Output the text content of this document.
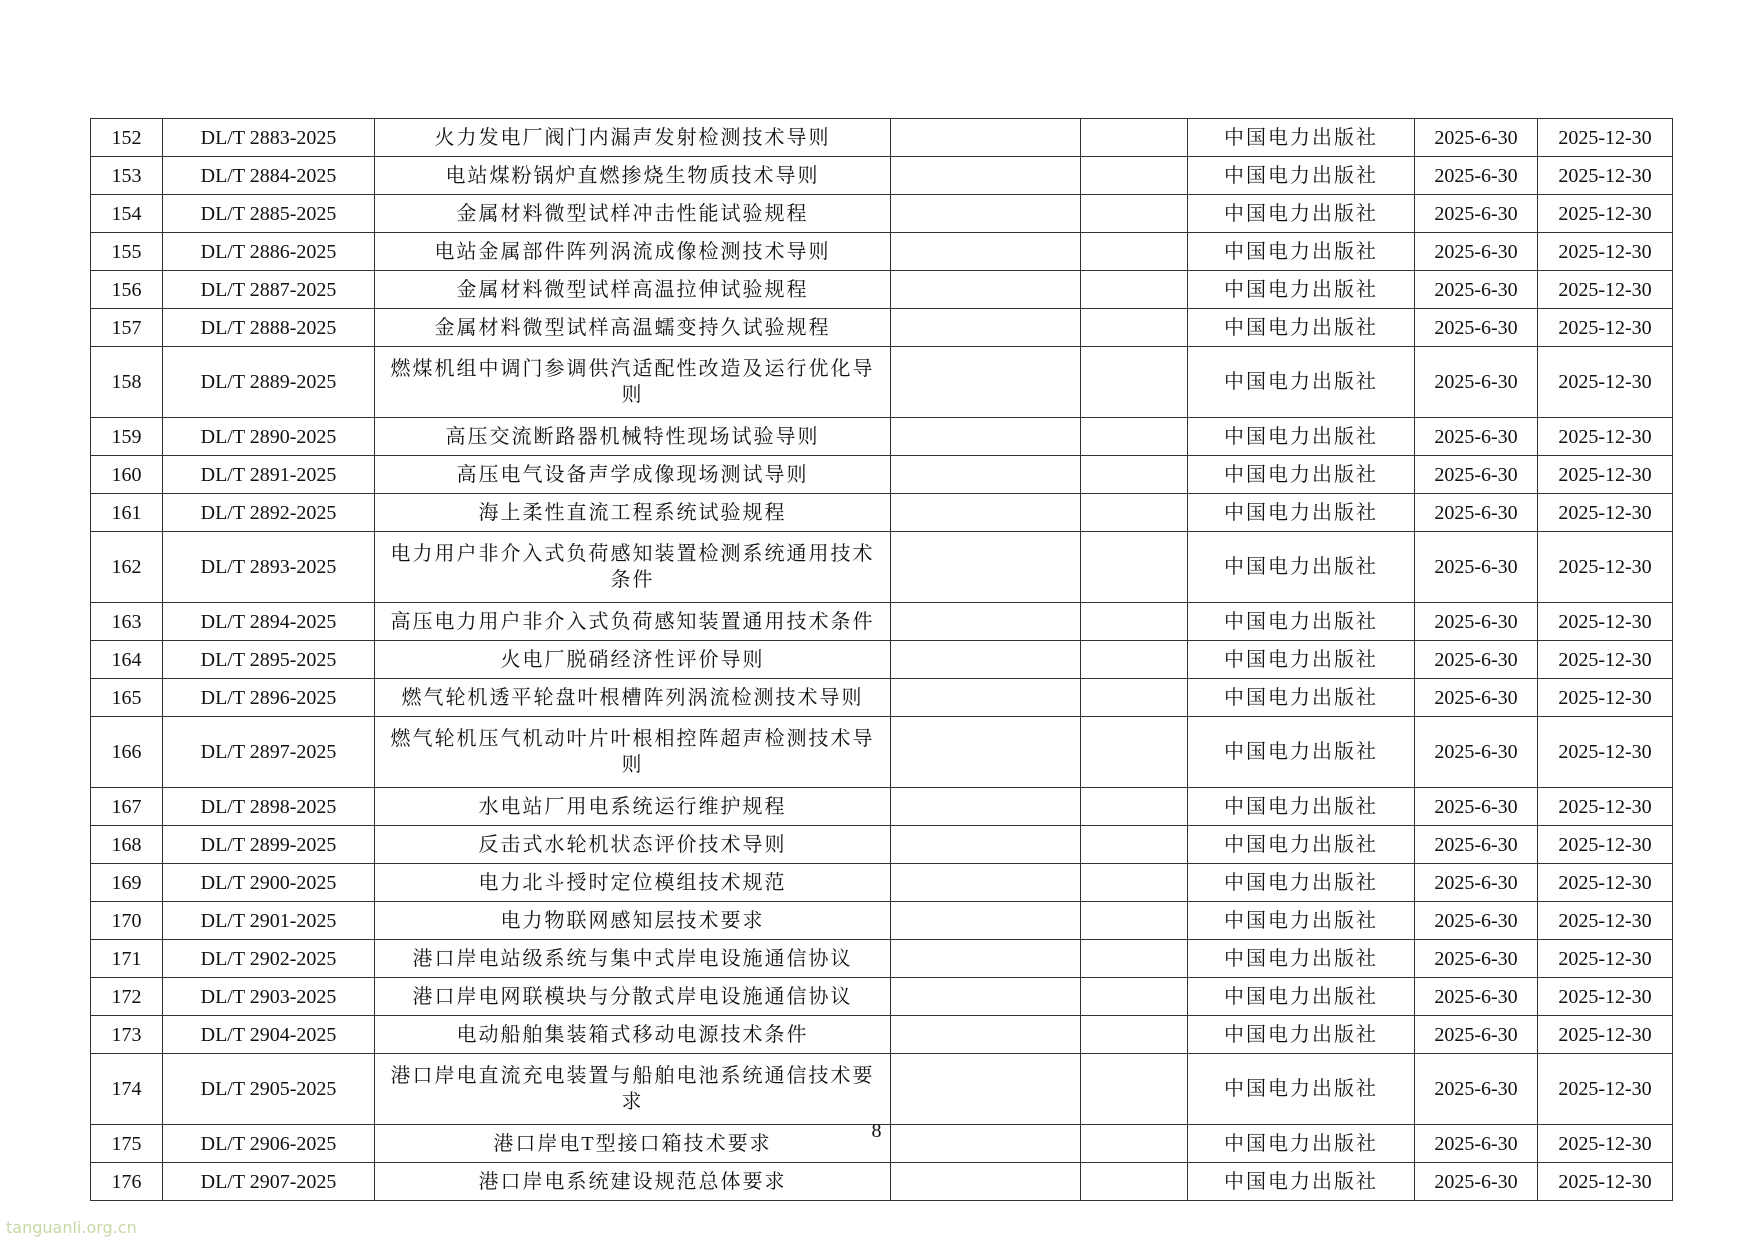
152	DL/T 2883-2025	火力发电厂阀门内漏声发射检测技术导则			中国电力出版社	2025-6-30	2025-12-30
153	DL/T 2884-2025	电站煤粉锅炉直燃掺烧生物质技术导则			中国电力出版社	2025-6-30	2025-12-30
154	DL/T 2885-2025	金属材料微型试样冲击性能试验规程			中国电力出版社	2025-6-30	2025-12-30
155	DL/T 2886-2025	电站金属部件阵列涡流成像检测技术导则			中国电力出版社	2025-6-30	2025-12-30
156	DL/T 2887-2025	金属材料微型试样高温拉伸试验规程			中国电力出版社	2025-6-30	2025-12-30
157	DL/T 2888-2025	金属材料微型试样高温蠕变持久试验规程			中国电力出版社	2025-6-30	2025-12-30
158	DL/T 2889-2025	燃煤机组中调门参调供汽适配性改造及运行优化导则			中国电力出版社	2025-6-30	2025-12-30
159	DL/T 2890-2025	高压交流断路器机械特性现场试验导则			中国电力出版社	2025-6-30	2025-12-30
160	DL/T 2891-2025	高压电气设备声学成像现场测试导则			中国电力出版社	2025-6-30	2025-12-30
161	DL/T 2892-2025	海上柔性直流工程系统试验规程			中国电力出版社	2025-6-30	2025-12-30
162	DL/T 2893-2025	电力用户非介入式负荷感知装置检测系统通用技术条件			中国电力出版社	2025-6-30	2025-12-30
163	DL/T 2894-2025	高压电力用户非介入式负荷感知装置通用技术条件			中国电力出版社	2025-6-30	2025-12-30
164	DL/T 2895-2025	火电厂脱硝经济性评价导则			中国电力出版社	2025-6-30	2025-12-30
165	DL/T 2896-2025	燃气轮机透平轮盘叶根槽阵列涡流检测技术导则			中国电力出版社	2025-6-30	2025-12-30
166	DL/T 2897-2025	燃气轮机压气机动叶片叶根相控阵超声检测技术导则			中国电力出版社	2025-6-30	2025-12-30
167	DL/T 2898-2025	水电站厂用电系统运行维护规程			中国电力出版社	2025-6-30	2025-12-30
168	DL/T 2899-2025	反击式水轮机状态评价技术导则			中国电力出版社	2025-6-30	2025-12-30
169	DL/T 2900-2025	电力北斗授时定位模组技术规范			中国电力出版社	2025-6-30	2025-12-30
170	DL/T 2901-2025	电力物联网感知层技术要求			中国电力出版社	2025-6-30	2025-12-30
171	DL/T 2902-2025	港口岸电站级系统与集中式岸电设施通信协议			中国电力出版社	2025-6-30	2025-12-30
172	DL/T 2903-2025	港口岸电网联模块与分散式岸电设施通信协议			中国电力出版社	2025-6-30	2025-12-30
173	DL/T 2904-2025	电动船舶集装箱式移动电源技术条件			中国电力出版社	2025-6-30	2025-12-30
174	DL/T 2905-2025	港口岸电直流充电装置与船舶电池系统通信技术要求			中国电力出版社	2025-6-30	2025-12-30
175	DL/T 2906-2025	港口岸电T型接口箱技术要求			中国电力出版社	2025-6-30	2025-12-30
176	DL/T 2907-2025	港口岸电系统建设规范总体要求			中国电力出版社	2025-6-30	2025-12-30
8
tanguanli.org.cn
